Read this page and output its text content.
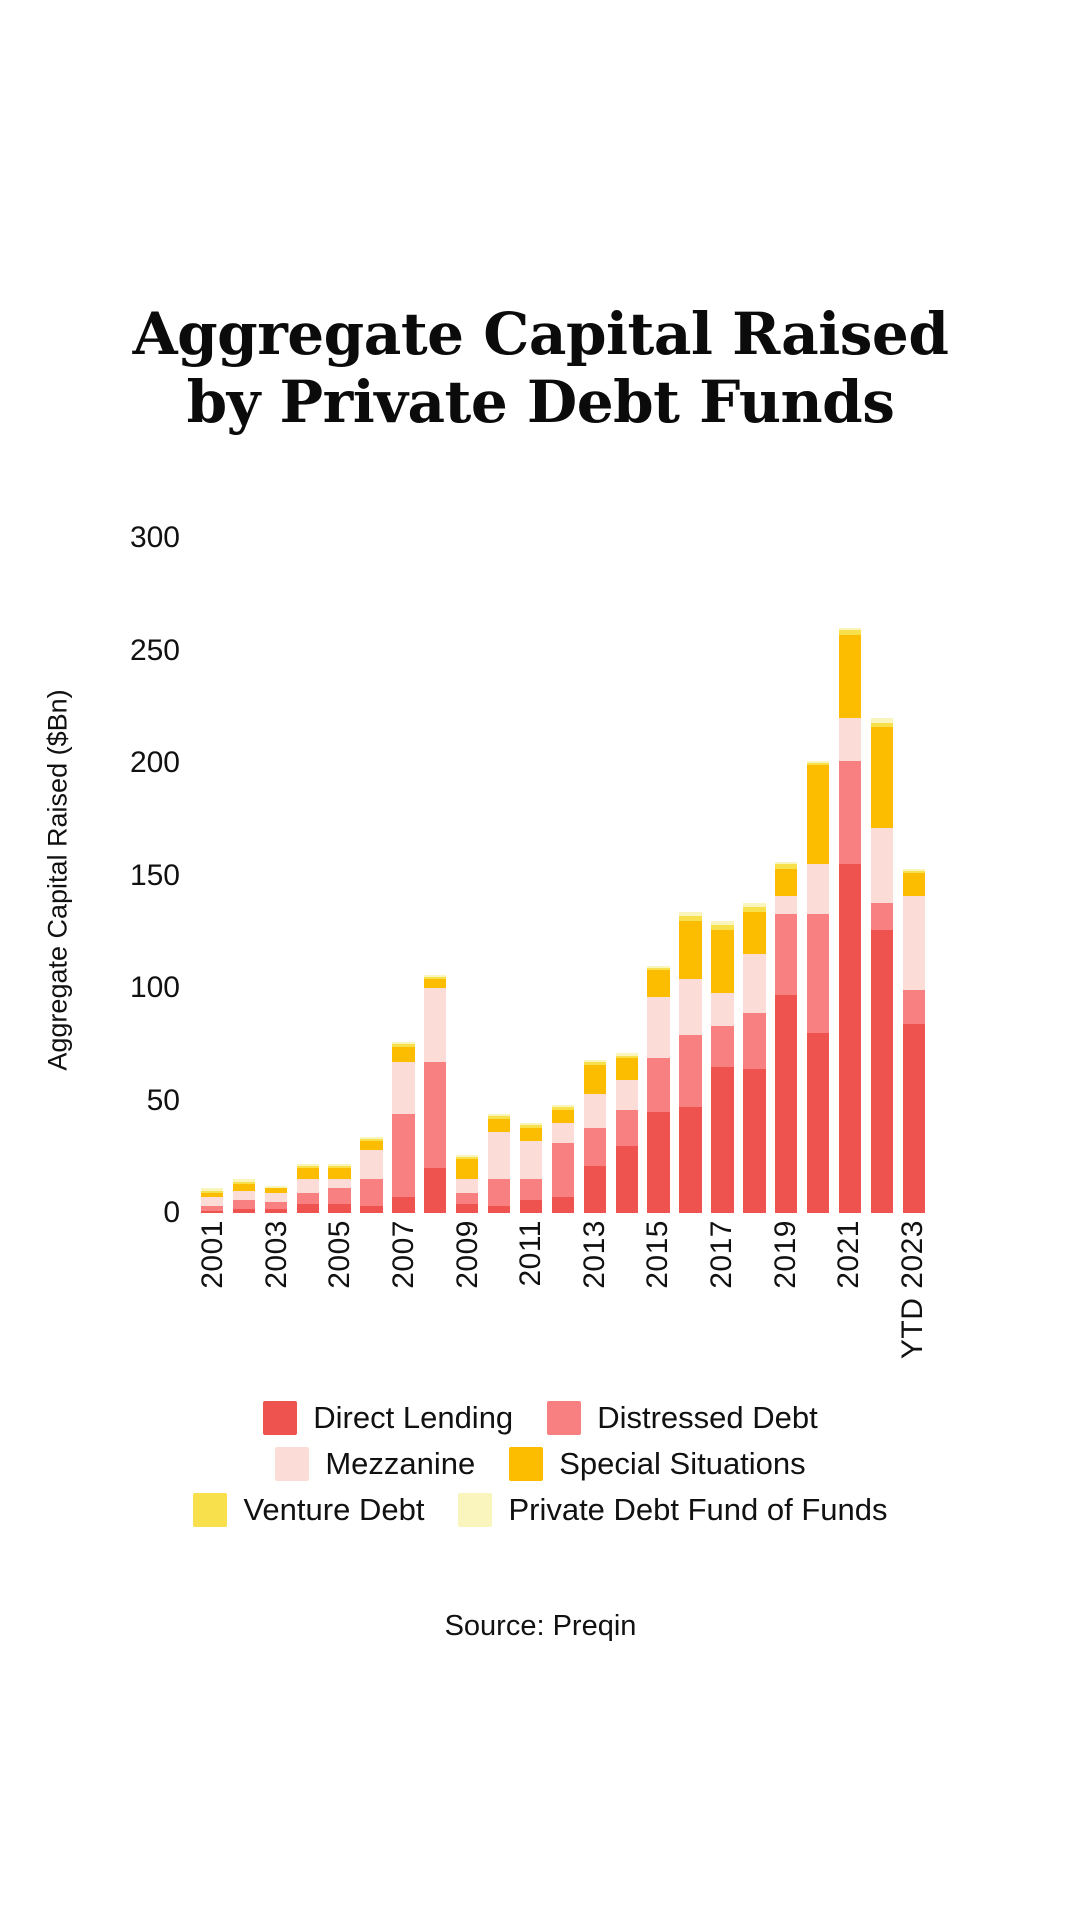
Aggregate Capital Raised
by Private Debt Funds
Aggregate Capital Raised ($Bn)
0
50
100
150
200
250
300
2001 2003 2005 2007 2009 2011 2013 2015 2017 2019 2021 YTD 2023
Direct Lending	Distressed Debt
Mezzanine	Special Situations
Venture Debt	Private Debt Fund of Funds
Source: Preqin
